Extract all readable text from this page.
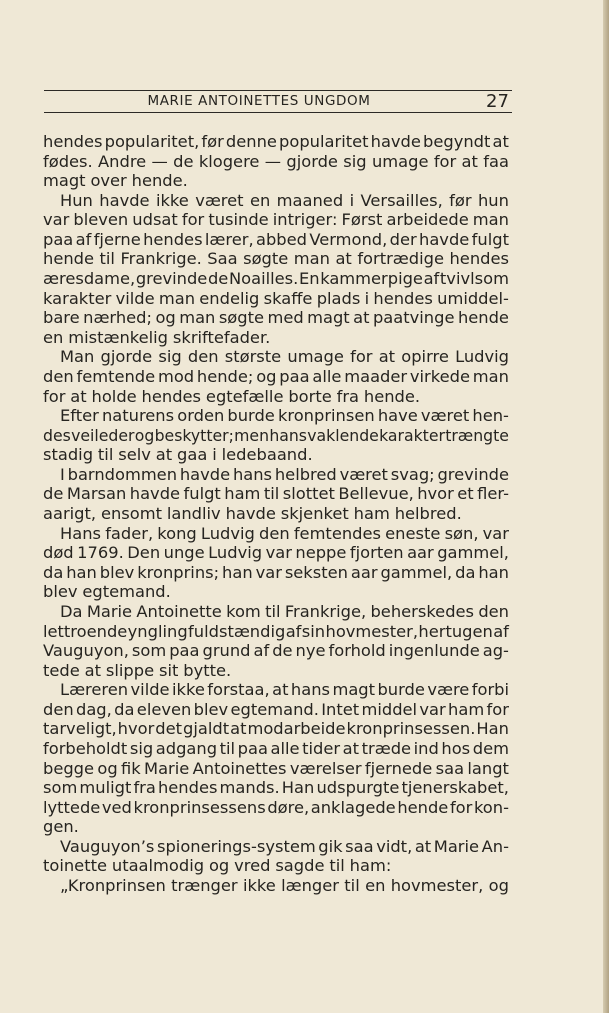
MARIE ANTOINETTES UNGDOM	27
hendes popularitet, før denne popularitet havde begyndt at
fødes. Andre — de klogere — gjorde sig umage for at faa
magt over hende.
Hun havde ikke været en maaned i Versailles, før hun
var bleven udsat for tusinde intriger: Først arbeidede man
paa af fjerne hendes lærer, abbed Vermond, der havde fulgt
hende til Frankrige. Saa søgte man at fortrædige hendes
æresdame, grevinde de Noailles. En kammerpige af tvivlsom
karakter vilde man endelig skaffe plads i hendes umiddel-
bare nærhed; og man søgte med magt at paatvinge hende
en mistænkelig skriftefader.
Man gjorde sig den største umage for at opirre Ludvig
den femtende mod hende; og paa alle maader virkede man
for at holde hendes egtefælle borte fra hende.
Efter naturens orden burde kronprinsen have været hen-
des veileder og beskytter; men hans vaklende karakter trængte
stadig til selv at gaa i ledebaand.
I barndommen havde hans helbred været svag; grevinde
de Marsan havde fulgt ham til slottet Bellevue, hvor et fler-
aarigt, ensomt landliv havde skjenket ham helbred.
Hans fader, kong Ludvig den femtendes eneste søn, var
død 1769. Den unge Ludvig var neppe fjorten aar gammel,
da han blev kronprins; han var seksten aar gammel, da han
blev egtemand.
Da Marie Antoinette kom til Frankrige, beherskedes den
lettroende yngling fuldstændig af sin hovmester, hertugen af
Vauguyon, som paa grund af de nye forhold ingenlunde ag-
tede at slippe sit bytte.
Læreren vilde ikke forstaa, at hans magt burde være forbi
den dag, da eleven blev egtemand. Intet middel var ham for
tarveligt, hvor det gjaldt at modarbeide kronprinsessen. Han
forbeholdt sig adgang til paa alle tider at træde ind hos dem
begge og fik Marie Antoinettes værelser fjernede saa langt
som muligt fra hendes mands. Han udspurgte tjenerskabet,
lyttede ved kronprinsessens døre, anklagede hende for kon-
gen.
Vauguyon’s spionerings-system gik saa vidt, at Marie An-
toinette utaalmodig og vred sagde til ham:
„Kronprinsen trænger ikke længer til en hovmester, og
